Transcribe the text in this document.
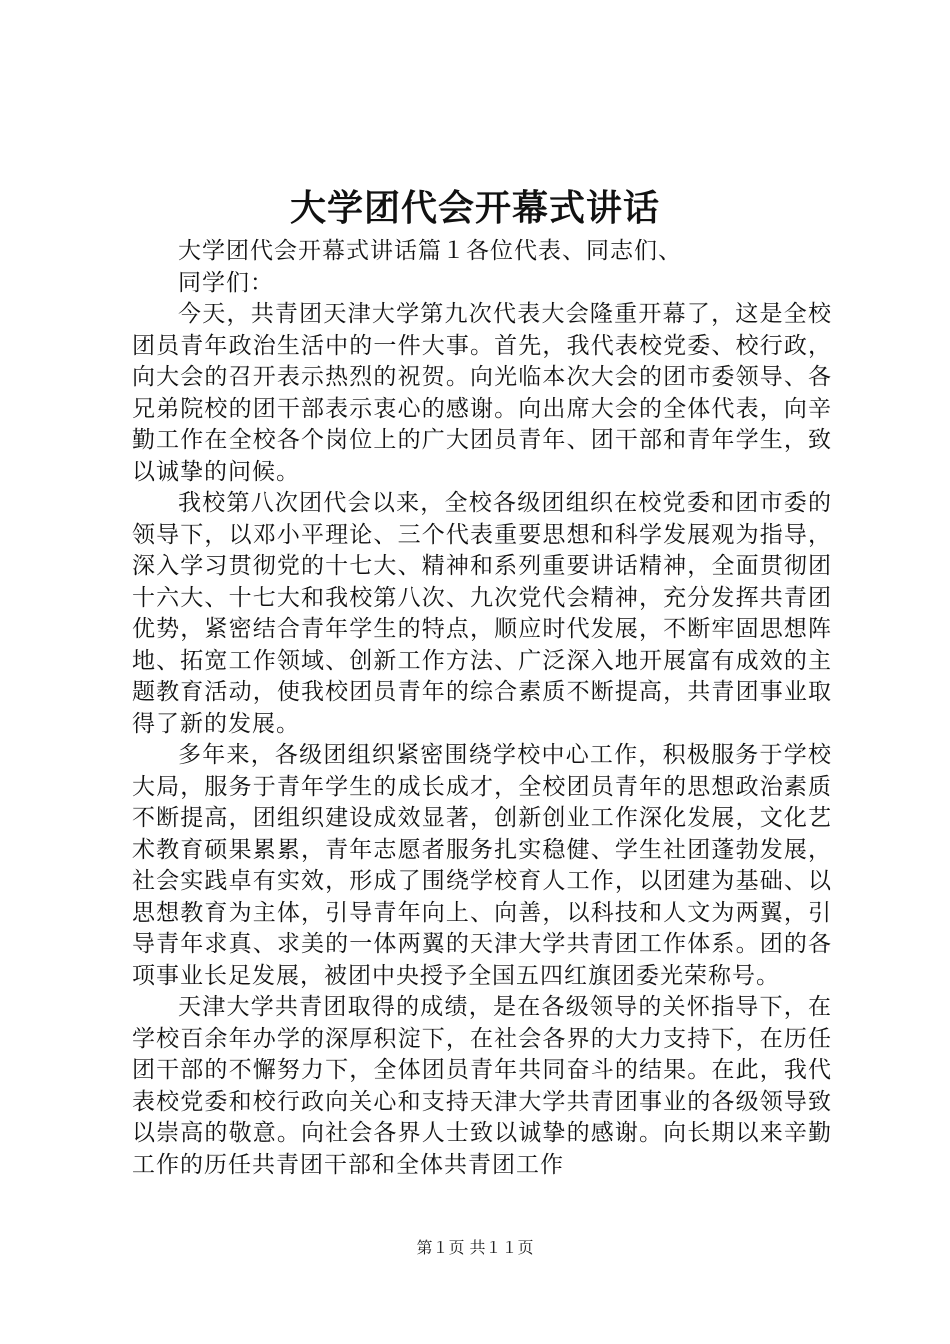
大学团代会开幕式讲话

大学团代会开幕式讲话篇１各位代表、同志们、

同学们：

今天，共青团天津大学第九次代表大会隆重开幕了，这是全校团员青年政治生活中的一件大事。首先，我代表校党委、校行政，向大会的召开表示热烈的祝贺。向光临本次大会的团市委领导、各兄弟院校的团干部表示衷心的感谢。向出席大会的全体代表，向辛勤工作在全校各个岗位上的广大团员青年、团干部和青年学生，致以诚挚的问候。

我校第八次团代会以来，全校各级团组织在校党委和团市委的领导下，以邓小平理论、三个代表重要思想和科学发展观为指导，深入学习贯彻党的十七大、精神和系列重要讲话精神，全面贯彻团十六大、十七大和我校第八次、九次党代会精神，充分发挥共青团优势，紧密结合青年学生的特点，顺应时代发展，不断牢固思想阵地、拓宽工作领域、创新工作方法、广泛深入地开展富有成效的主题教育活动，使我校团员青年的综合素质不断提高，共青团事业取得了新的发展。

多年来，各级团组织紧密围绕学校中心工作，积极服务于学校大局，服务于青年学生的成长成才，全校团员青年的思想政治素质不断提高，团组织建设成效显著，创新创业工作深化发展，文化艺术教育硕果累累，青年志愿者服务扎实稳健、学生社团蓬勃发展，社会实践卓有实效，形成了围绕学校育人工作，以团建为基础、以思想教育为主体，引导青年向上、向善，以科技和人文为两翼，引导青年求真、求美的一体两翼的天津大学共青团工作体系。团的各项事业长足发展，被团中央授予全国五四红旗团委光荣称号。

天津大学共青团取得的成绩，是在各级领导的关怀指导下，在学校百余年办学的深厚积淀下，在社会各界的大力支持下，在历任团干部的不懈努力下，全体团员青年共同奋斗的结果。在此，我代表校党委和校行政向关心和支持天津大学共青团事业的各级领导致以崇高的敬意。向社会各界人士致以诚挚的感谢。向长期以来辛勤工作的历任共青团干部和全体共青团工作

第１页 共１１页
